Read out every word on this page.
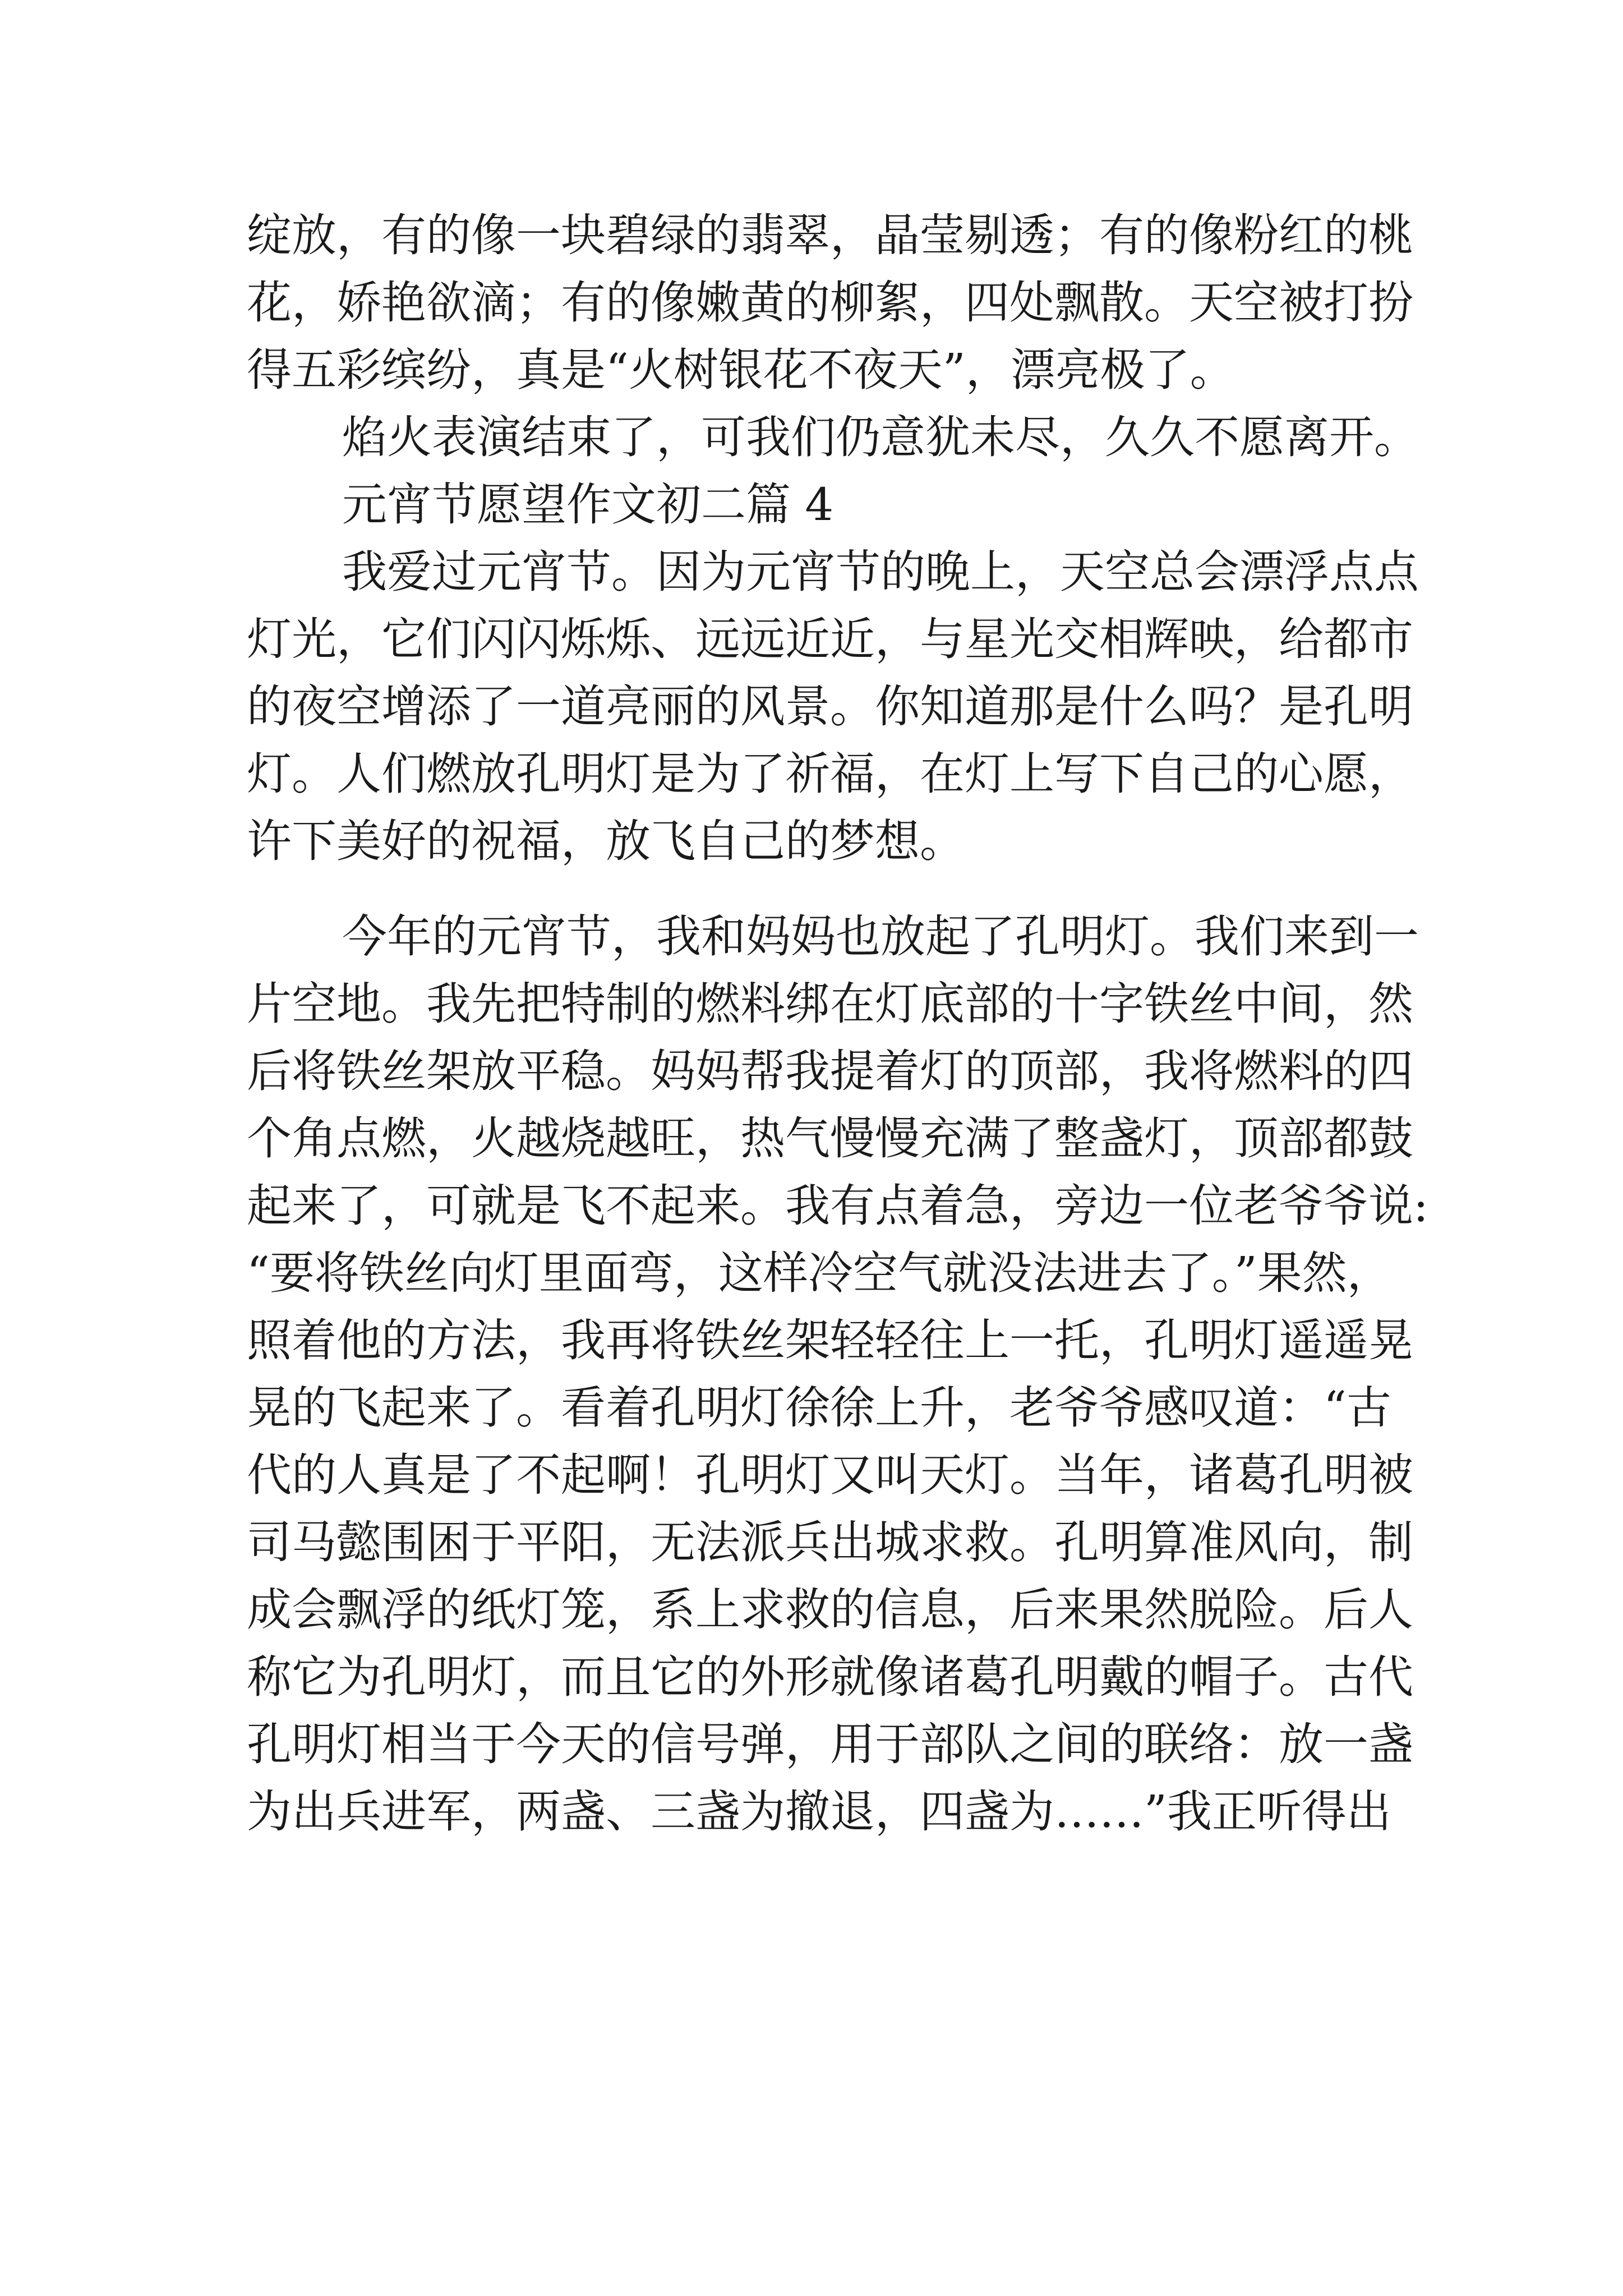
绽放，有的像一块碧绿的翡翠，晶莹剔透；有的像粉红的桃
花，娇艳欲滴；有的像嫩黄的柳絮，四处飘散。天空被打扮
得五彩缤纷，真是“火树银花不夜天”，漂亮极了。
焰火表演结束了，可我们仍意犹未尽，久久不愿离开。
元宵节愿望作文初二篇 4
我爱过元宵节。因为元宵节的晚上，天空总会漂浮点点
灯光，它们闪闪烁烁、远远近近，与星光交相辉映，给都市
的夜空增添了一道亮丽的风景。你知道那是什么吗？是孔明
灯。人们燃放孔明灯是为了祈福，在灯上写下自己的心愿，
许下美好的祝福，放飞自己的梦想。
今年的元宵节，我和妈妈也放起了孔明灯。我们来到一
片空地。我先把特制的燃料绑在灯底部的十字铁丝中间，然
后将铁丝架放平稳。妈妈帮我提着灯的顶部，我将燃料的四
个角点燃，火越烧越旺，热气慢慢充满了整盏灯，顶部都鼓
起来了，可就是飞不起来。我有点着急，旁边一位老爷爷说:
“要将铁丝向灯里面弯，这样冷空气就没法进去了。”果然，
照着他的方法，我再将铁丝架轻轻往上一托，孔明灯遥遥晃
晃的飞起来了。看着孔明灯徐徐上升，老爷爷感叹道：“古
代的人真是了不起啊！孔明灯又叫天灯。当年，诸葛孔明被
司马懿围困于平阳，无法派兵出城求救。孔明算准风向，制
成会飘浮的纸灯笼，系上求救的信息，后来果然脱险。后人
称它为孔明灯，而且它的外形就像诸葛孔明戴的帽子。古代
孔明灯相当于今天的信号弹，用于部队之间的联络：放一盏
为出兵进军，两盏、三盏为撤退，四盏为……”我正听得出
